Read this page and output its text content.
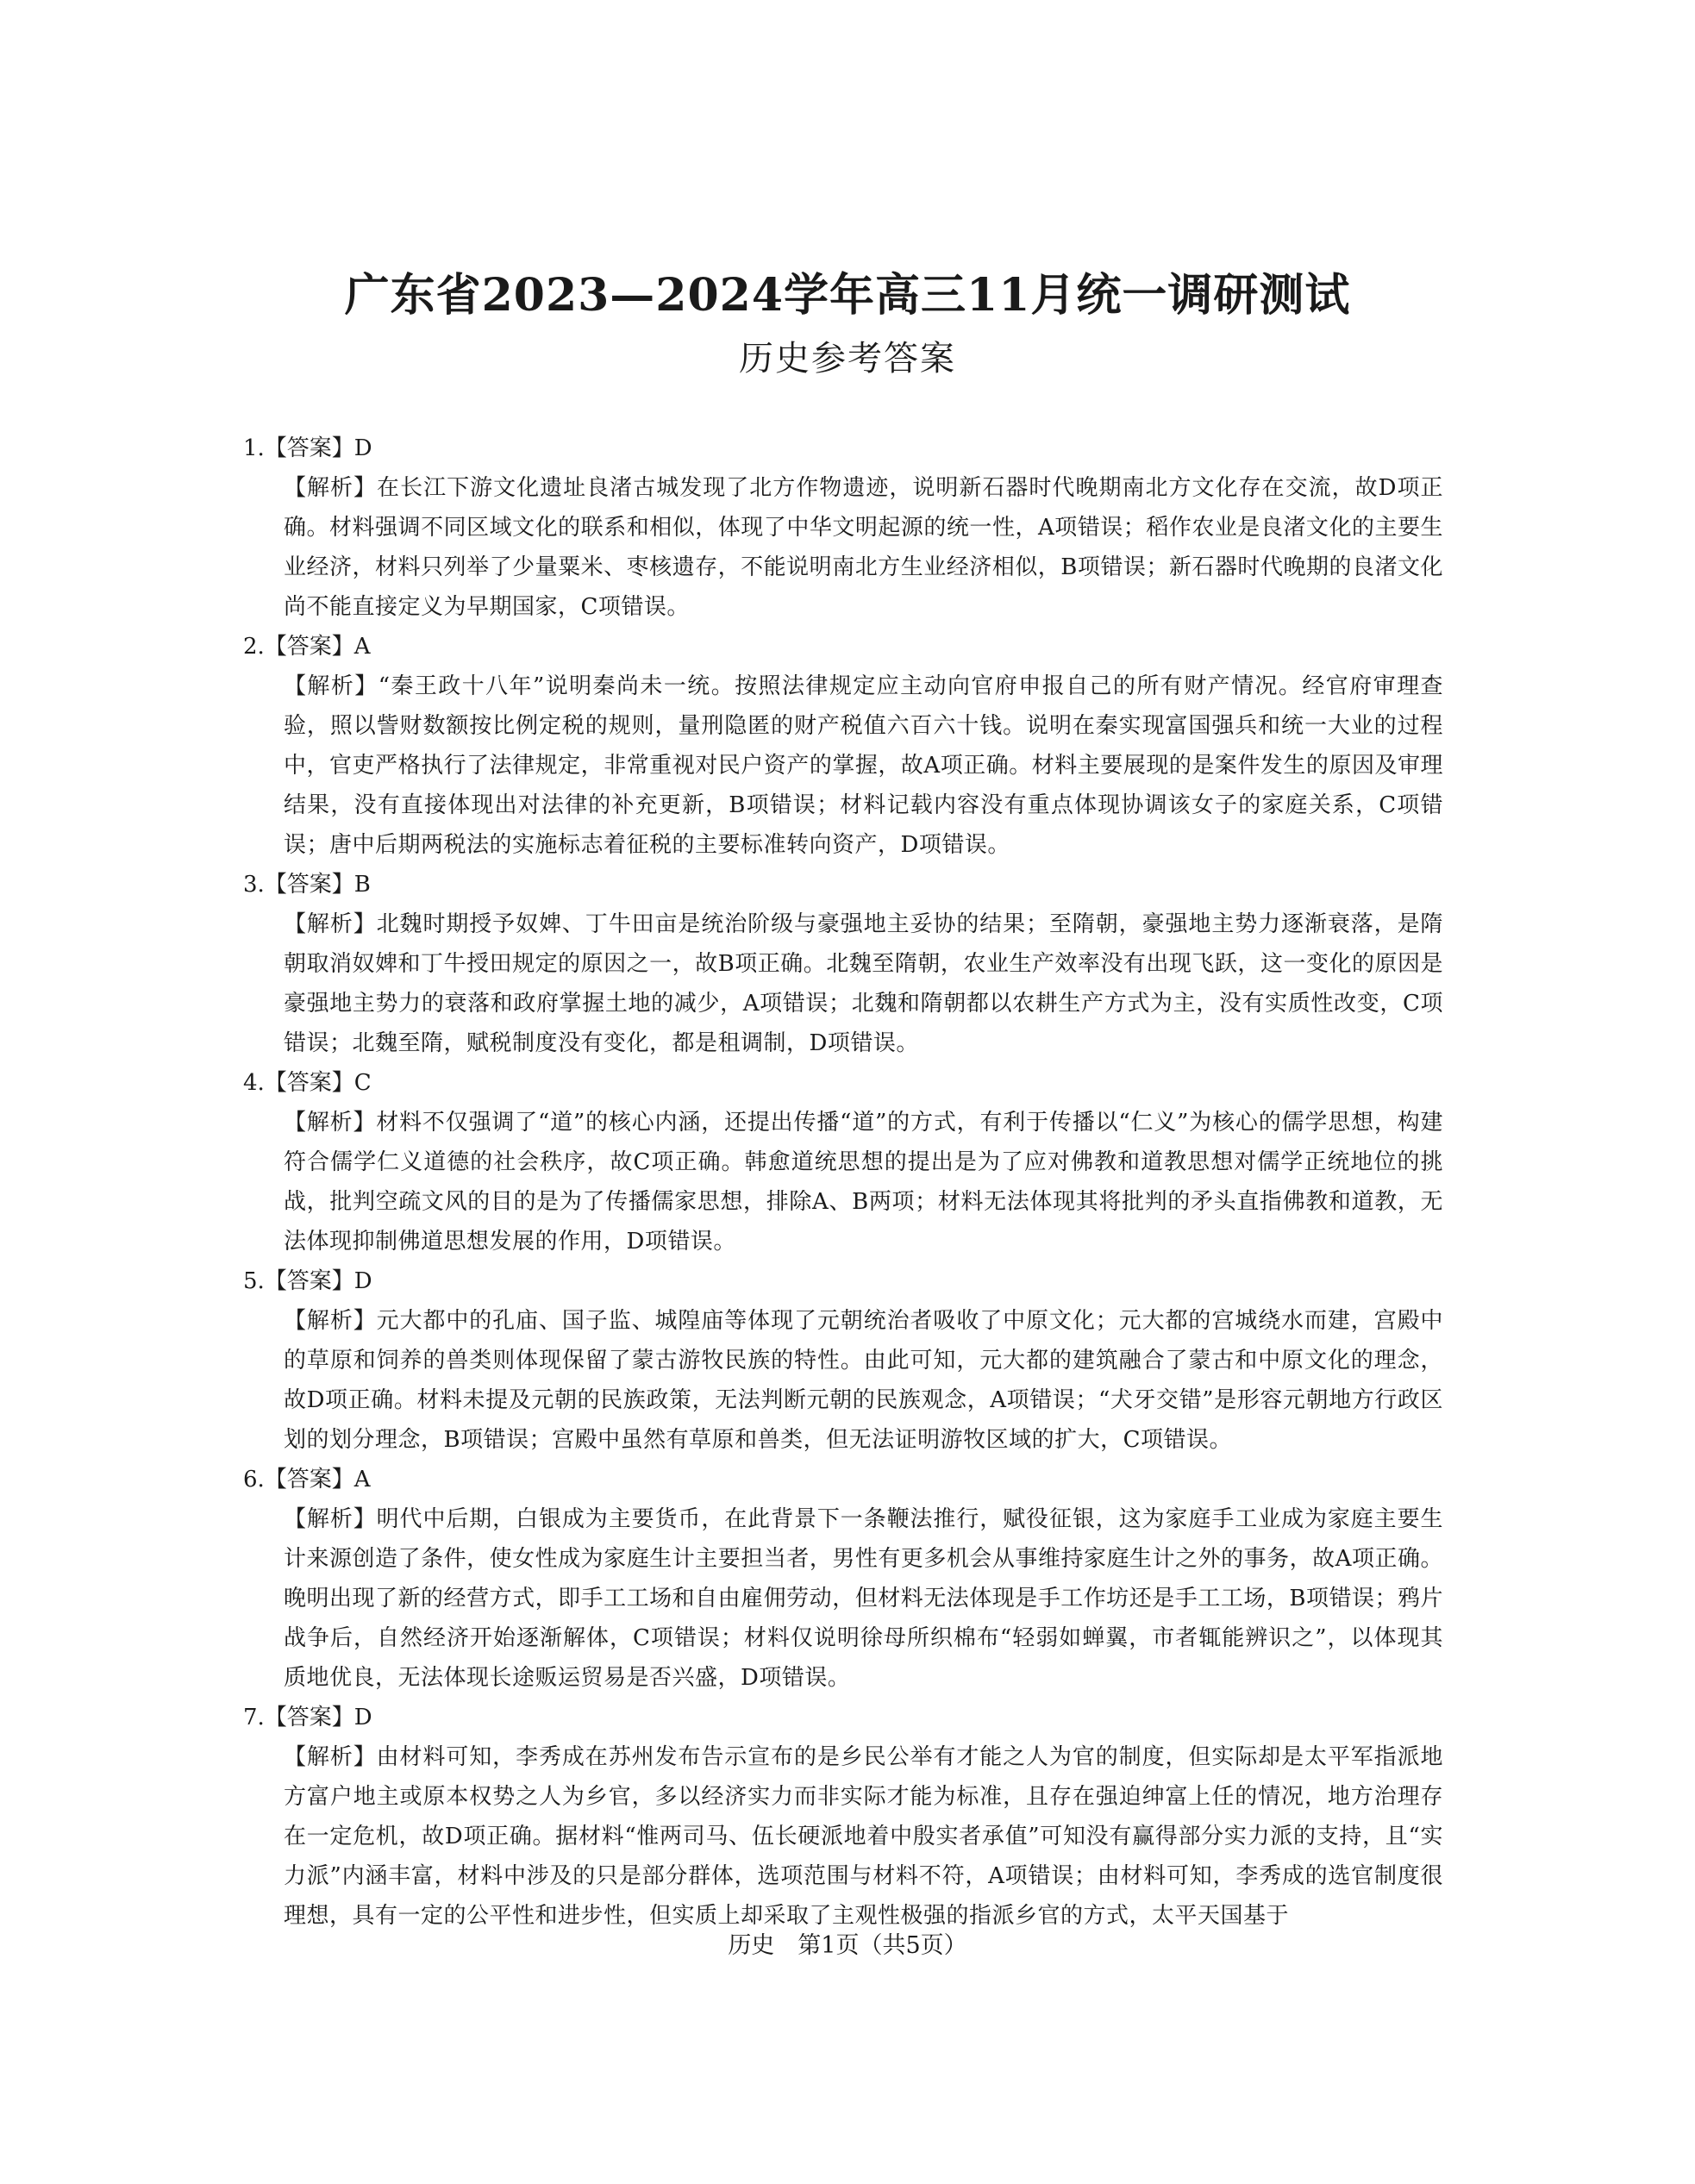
广东省2023—2024学年高三11月统一调研测试
历史参考答案
1.【答案】D

【解析】在长江下游文化遗址良渚古城发现了北方作物遗迹，说明新石器时代晚期南北方文化存在交流，故D项正确。材料强调不同区域文化的联系和相似，体现了中华文明起源的统一性，A项错误；稻作农业是良渚文化的主要生业经济，材料只列举了少量粟米、枣核遗存，不能说明南北方生业经济相似，B项错误；新石器时代晚期的良渚文化尚不能直接定义为早期国家，C项错误。

2.【答案】A

【解析】“秦王政十八年”说明秦尚未一统。按照法律规定应主动向官府申报自己的所有财产情况。经官府审理查验，照以訾财数额按比例定税的规则，量刑隐匿的财产税值六百六十钱。说明在秦实现富国强兵和统一大业的过程中，官吏严格执行了法律规定，非常重视对民户资产的掌握，故A项正确。材料主要展现的是案件发生的原因及审理结果，没有直接体现出对法律的补充更新，B项错误；材料记载内容没有重点体现协调该女子的家庭关系，C项错误；唐中后期两税法的实施标志着征税的主要标准转向资产，D项错误。

3.【答案】B

【解析】北魏时期授予奴婢、丁牛田亩是统治阶级与豪强地主妥协的结果；至隋朝，豪强地主势力逐渐衰落，是隋朝取消奴婢和丁牛授田规定的原因之一，故B项正确。北魏至隋朝，农业生产效率没有出现飞跃，这一变化的原因是豪强地主势力的衰落和政府掌握土地的减少，A项错误；北魏和隋朝都以农耕生产方式为主，没有实质性改变，C项错误；北魏至隋，赋税制度没有变化，都是租调制，D项错误。

4.【答案】C

【解析】材料不仅强调了“道”的核心内涵，还提出传播“道”的方式，有利于传播以“仁义”为核心的儒学思想，构建符合儒学仁义道德的社会秩序，故C项正确。韩愈道统思想的提出是为了应对佛教和道教思想对儒学正统地位的挑战，批判空疏文风的目的是为了传播儒家思想，排除A、B两项；材料无法体现其将批判的矛头直指佛教和道教，无法体现抑制佛道思想发展的作用，D项错误。

5.【答案】D

【解析】元大都中的孔庙、国子监、城隍庙等体现了元朝统治者吸收了中原文化；元大都的宫城绕水而建，宫殿中的草原和饲养的兽类则体现保留了蒙古游牧民族的特性。由此可知，元大都的建筑融合了蒙古和中原文化的理念，故D项正确。材料未提及元朝的民族政策，无法判断元朝的民族观念，A项错误；“犬牙交错”是形容元朝地方行政区划的划分理念，B项错误；宫殿中虽然有草原和兽类，但无法证明游牧区域的扩大，C项错误。

6.【答案】A

【解析】明代中后期，白银成为主要货币，在此背景下一条鞭法推行，赋役征银，这为家庭手工业成为家庭主要生计来源创造了条件，使女性成为家庭生计主要担当者，男性有更多机会从事维持家庭生计之外的事务，故A项正确。晚明出现了新的经营方式，即手工工场和自由雇佣劳动，但材料无法体现是手工作坊还是手工工场，B项错误；鸦片战争后，自然经济开始逐渐解体，C项错误；材料仅说明徐母所织棉布“轻弱如蝉翼，市者辄能辨识之”，以体现其质地优良，无法体现长途贩运贸易是否兴盛，D项错误。

7.【答案】D

【解析】由材料可知，李秀成在苏州发布告示宣布的是乡民公举有才能之人为官的制度，但实际却是太平军指派地方富户地主或原本权势之人为乡官，多以经济实力而非实际才能为标准，且存在强迫绅富上任的情况，地方治理存在一定危机，故D项正确。据材料“惟两司马、伍长硬派地着中殷实者承值”可知没有赢得部分实力派的支持，且“实力派”内涵丰富，材料中涉及的只是部分群体，选项范围与材料不符，A项错误；由材料可知，李秀成的选官制度很理想，具有一定的公平性和进步性，但实质上却采取了主观性极强的指派乡官的方式，太平天国基于

历史　第1页（共5页）
